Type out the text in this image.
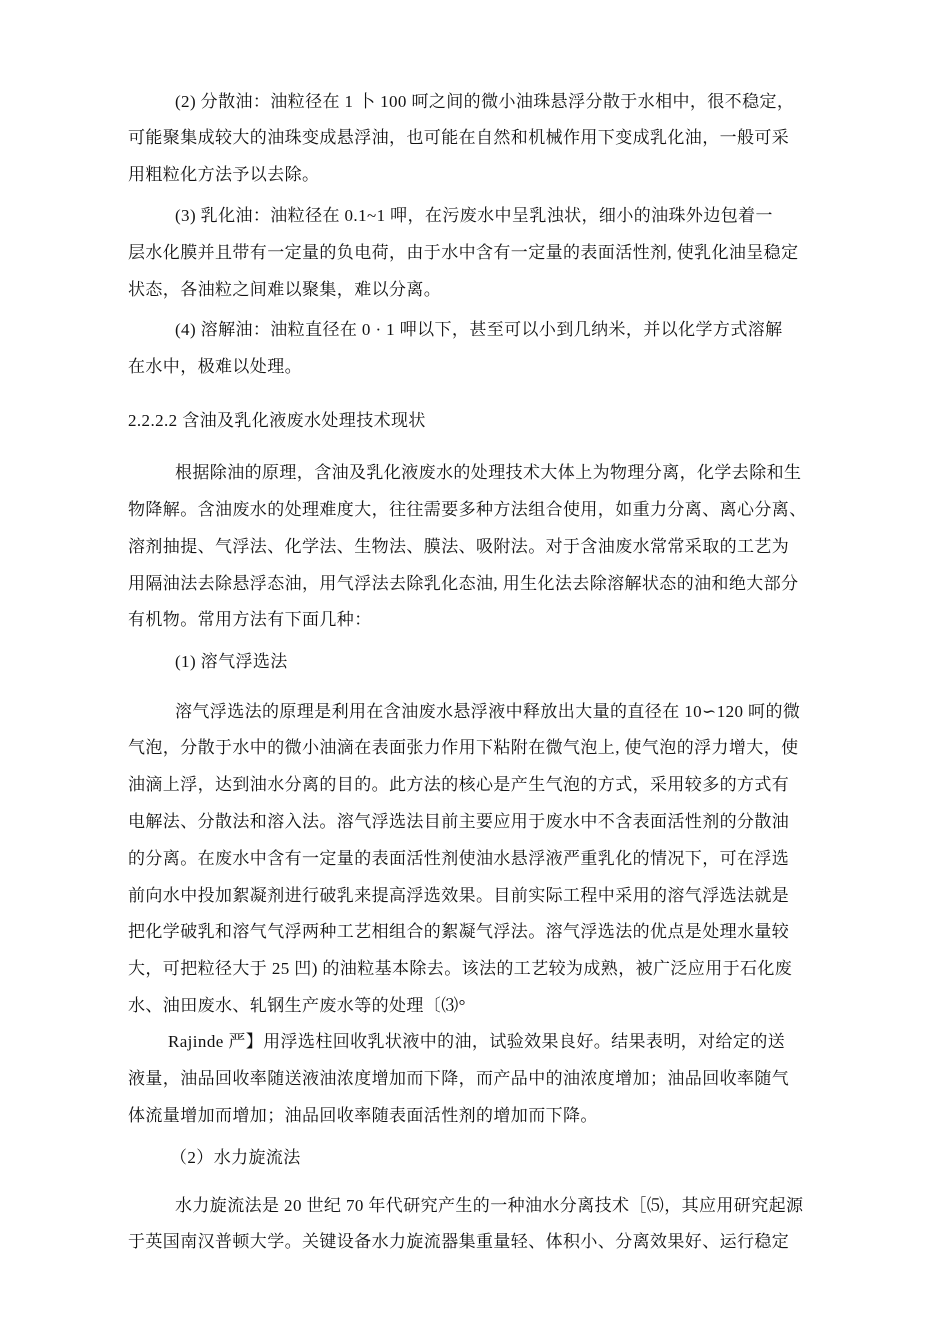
(2) 分散油：油粒径在 1 卜 100 呵之间的微小油珠悬浮分散于水相中，很不稳定，
可能聚集成较大的油珠变成悬浮油，也可能在自然和机械作用下变成乳化油，一般可采
用粗粒化方法予以去除。
(3) 乳化油：油粒径在 0.1~1 呷，在污废水中呈乳浊状，细小的油珠外边包着一
层水化膜并且带有一定量的负电荷，由于水中含有一定量的表面活性剂, 使乳化油呈稳定
状态，各油粒之间难以聚集，难以分离。
(4) 溶解油：油粒直径在 0 · 1 呷以下，甚至可以小到几纳米，并以化学方式溶解
在水中，极难以处理。
2.2.2.2 含油及乳化液废水处理技术现状
根据除油的原理，含油及乳化液废水的处理技术大体上为物理分离，化学去除和生
物降解。含油废水的处理难度大，往往需要多种方法组合使用，如重力分离、离心分离、
溶剂抽提、气浮法、化学法、生物法、膜法、吸附法。对于含油废水常常采取的工艺为
用隔油法去除悬浮态油，用气浮法去除乳化态油, 用生化法去除溶解状态的油和绝大部分
有机物。常用方法有下面几种：
(1) 溶气浮选法
溶气浮选法的原理是利用在含油废水悬浮液中释放出大量的直径在 10∽120 呵的微
气泡，分散于水中的微小油滴在表面张力作用下粘附在微气泡上, 使气泡的浮力增大，使
油滴上浮，达到油水分离的目的。此方法的核心是产生气泡的方式，采用较多的方式有
电解法、分散法和溶入法。溶气浮选法目前主要应用于废水中不含表面活性剂的分散油
的分离。在废水中含有一定量的表面活性剂使油水悬浮液严重乳化的情况下，可在浮选
前向水中投加絮凝剂进行破乳来提高浮选效果。目前实际工程中采用的溶气浮选法就是
把化学破乳和溶气气浮两种工艺相组合的絮凝气浮法。溶气浮选法的优点是处理水量较
大，可把粒径大于 25 凹) 的油粒基本除去。该法的工艺较为成熟，被广泛应用于石化废
水、油田废水、轧钢生产废水等的处理〔⑶°
Rajinde 严】用浮选柱回收乳状液中的油，试验效果良好。结果表明，对给定的送
液量，油品回收率随送液油浓度增加而下降，而产品中的油浓度增加；油品回收率随气
体流量增加而增加；油品回收率随表面活性剂的增加而下降。
（2）水力旋流法
水力旋流法是 20 世纪 70 年代研究产生的一种油水分离技术［⑸，其应用研究起源
于英国南汉普顿大学。关键设备水力旋流器集重量轻、体积小、分离效果好、运行稳定
